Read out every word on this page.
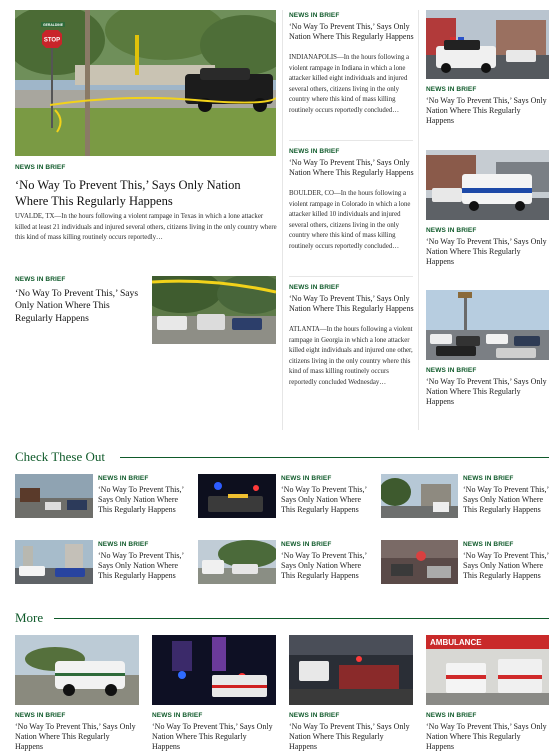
STOP
GERALDINE
NEWS IN BRIEF
‘No Way To Prevent This,’ Says Only Nation Where This Regularly Happens
UVALDE, TX—In the hours following a violent rampage in Texas in which a lone attacker killed at least 21 individuals and injured several others, citizens living in the only country where this kind of mass killing routinely occurs reportedly…
NEWS IN BRIEF
‘No Way To Prevent This,’ Says Only Nation Where This Regularly Happens
NEWS IN BRIEF
‘No Way To Prevent This,’ Says Only Nation Where This Regularly Happens
INDIANAPOLIS—In the hours following a violent rampage in Indiana in which a lone attacker killed eight individuals and injured several others, citizens living in the only country where this kind of mass killing routinely occurs reportedly concluded…
NEWS IN BRIEF
‘No Way To Prevent This,’ Says Only Nation Where This Regularly Happens
BOULDER, CO—In the hours following a violent rampage in Colorado in which a lone attacker killed 10 individuals and injured several others, citizens living in the only country where this kind of mass killing routinely occurs reportedly concluded…
NEWS IN BRIEF
‘No Way To Prevent This,’ Says Only Nation Where This Regularly Happens
ATLANTA—In the hours following a violent rampage in Georgia in which a lone attacker killed eight individuals and injured one other, citizens living in the only country where this kind of mass killing routinely occurs reportedly concluded Wednesday…
NEWS IN BRIEF
‘No Way To Prevent This,’ Says Only Nation Where This Regularly Happens
NEWS IN BRIEF
‘No Way To Prevent This,’ Says Only Nation Where This Regularly Happens
NEWS IN BRIEF
‘No Way To Prevent This,’ Says Only Nation Where This Regularly Happens
Check These Out
NEWS IN BRIEF
‘No Way To Prevent This,’ Says Only Nation Where This Regularly Happens
NEWS IN BRIEF
‘No Way To Prevent This,’ Says Only Nation Where This Regularly Happens
NEWS IN BRIEF
‘No Way To Prevent This,’ Says Only Nation Where This Regularly Happens
NEWS IN BRIEF
‘No Way To Prevent This,’ Says Only Nation Where This Regularly Happens
NEWS IN BRIEF
‘No Way To Prevent This,’ Says Only Nation Where This Regularly Happens
NEWS IN BRIEF
‘No Way To Prevent This,’ Says Only Nation Where This Regularly Happens
More
NEWS IN BRIEF
‘No Way To Prevent This,’ Says Only Nation Where This Regularly Happens
NEWS IN BRIEF
‘No Way To Prevent This,’ Says Only Nation Where This Regularly Happens
NEWS IN BRIEF
‘No Way To Prevent This,’ Says Only Nation Where This Regularly Happens
AMBULANCE
NEWS IN BRIEF
‘No Way To Prevent This,’ Says Only Nation Where This Regularly Happens
